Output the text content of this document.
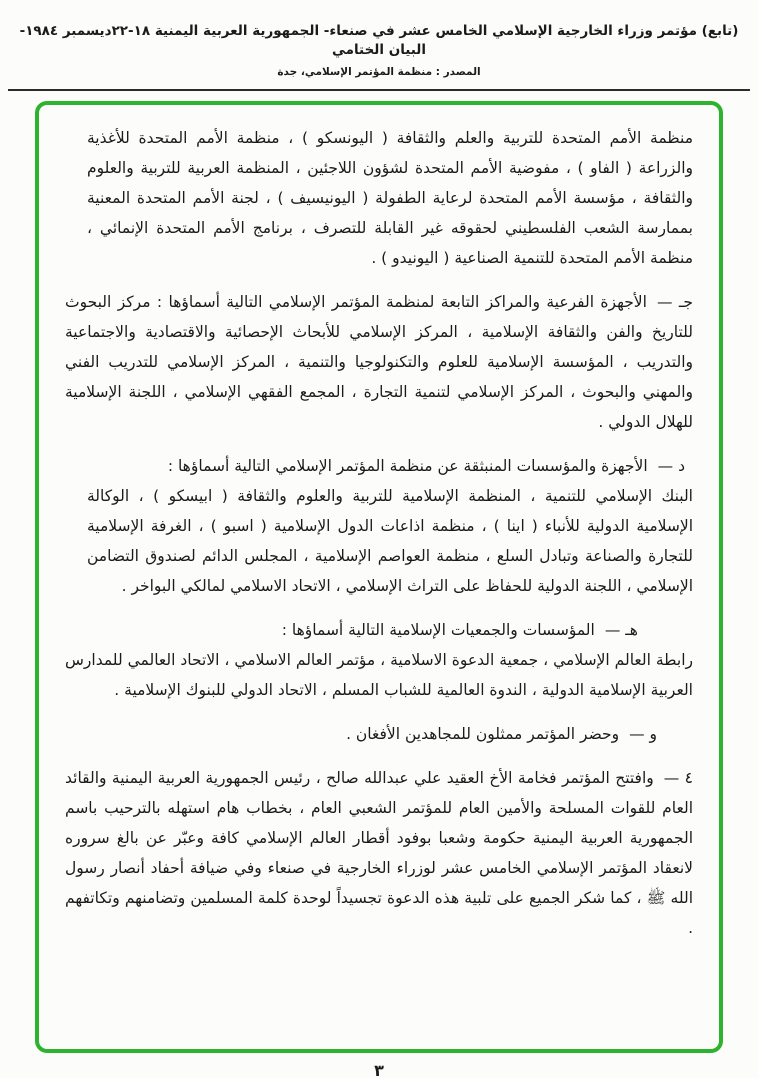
(تابع) مؤتمر وزراء الخارجية الإسلامي الخامس عشر في صنعاء- الجمهورية العربية اليمنية ١٨-٢٢ديسمبر ١٩٨٤-البيان الختامي
المصدر : منظمة المؤتمر الإسلامي، جدة

منظمة الأمم المتحدة للتربية والعلم والثقافة ( اليونسكو ) ، منظمة الأمم المتحدة للأغذية والزراعة ( الفاو ) ، مفوضية الأمم المتحدة لشؤون اللاجئين ، المنظمة العربية للتربية والعلوم والثقافة ، مؤسسة الأمم المتحدة لرعاية الطفولة ( اليونيسيف ) ، لجنة الأمم المتحدة المعنية بممارسة الشعب الفلسطيني لحقوقه غير القابلة للتصرف ، برنامج الأمم المتحدة الإنمائي ، منظمة الأمم المتحدة للتنمية الصناعية ( اليونيدو ) .

جـ —الأجهزة الفرعية والمراكز التابعة لمنظمة المؤتمر الإسلامي التالية أسماؤها : مركز البحوث للتاريخ والفن والثقافة الإسلامية ، المركز الإسلامي للأبحاث الإحصائية والاقتصادية والاجتماعية والتدريب ، المؤسسة الإسلامية للعلوم والتكنولوجيا والتنمية ، المركز الإسلامي للتدريب الفني والمهني والبحوث ، المركز الإسلامي لتنمية التجارة ، المجمع الفقهي الإسلامي ، اللجنة الإسلامية للهلال الدولي .

د —الأجهزة والمؤسسات المنبثقة عن منظمة المؤتمر الإسلامي التالية أسماؤها :

البنك الإسلامي للتنمية ، المنظمة الإسلامية للتربية والعلوم والثقافة ( ابيسكو ) ، الوكالة الإسلامية الدولية للأنباء ( اينا ) ، منظمة اذاعات الدول الإسلامية ( اسبو ) ، الغرفة الإسلامية للتجارة والصناعة وتبادل السلع ، منظمة العواصم الإسلامية ، المجلس الدائم لصندوق التضامن الإسلامي ، اللجنة الدولية للحفاظ على التراث الإسلامي ، الاتحاد الاسلامي لمالكي البواخر .

هـ —المؤسسات والجمعيات الإسلامية التالية أسماؤها :

رابطة العالم الإسلامي ، جمعية الدعوة الاسلامية ، مؤتمر العالم الاسلامي ، الاتحاد العالمي للمدارس العربية الإسلامية الدولية ، الندوة العالمية للشباب المسلم ، الاتحاد الدولي للبنوك الإسلامية .

و —وحضر المؤتمر ممثلون للمجاهدين الأفغان .

٤ —وافتتح المؤتمر فخامة الأخ العقيد علي عبدالله صالح ، رئيس الجمهورية العربية اليمنية والقائد العام للقوات المسلحة والأمين العام للمؤتمر الشعبي العام ، بخطاب هام استهله بالترحيب باسم الجمهورية العربية اليمنية حكومة وشعبا بوفود أقطار العالم الإسلامي كافة وعبّر عن بالغ سروره لانعقاد المؤتمر الإسلامي الخامس عشر لوزراء الخارجية في صنعاء وفي ضيافة أحفاد أنصار رسول الله ﷺ ، كما شكر الجميع على تلبية هذه الدعوة تجسيداً لوحدة كلمة المسلمين وتضامنهم وتكاتفهم .

٣
